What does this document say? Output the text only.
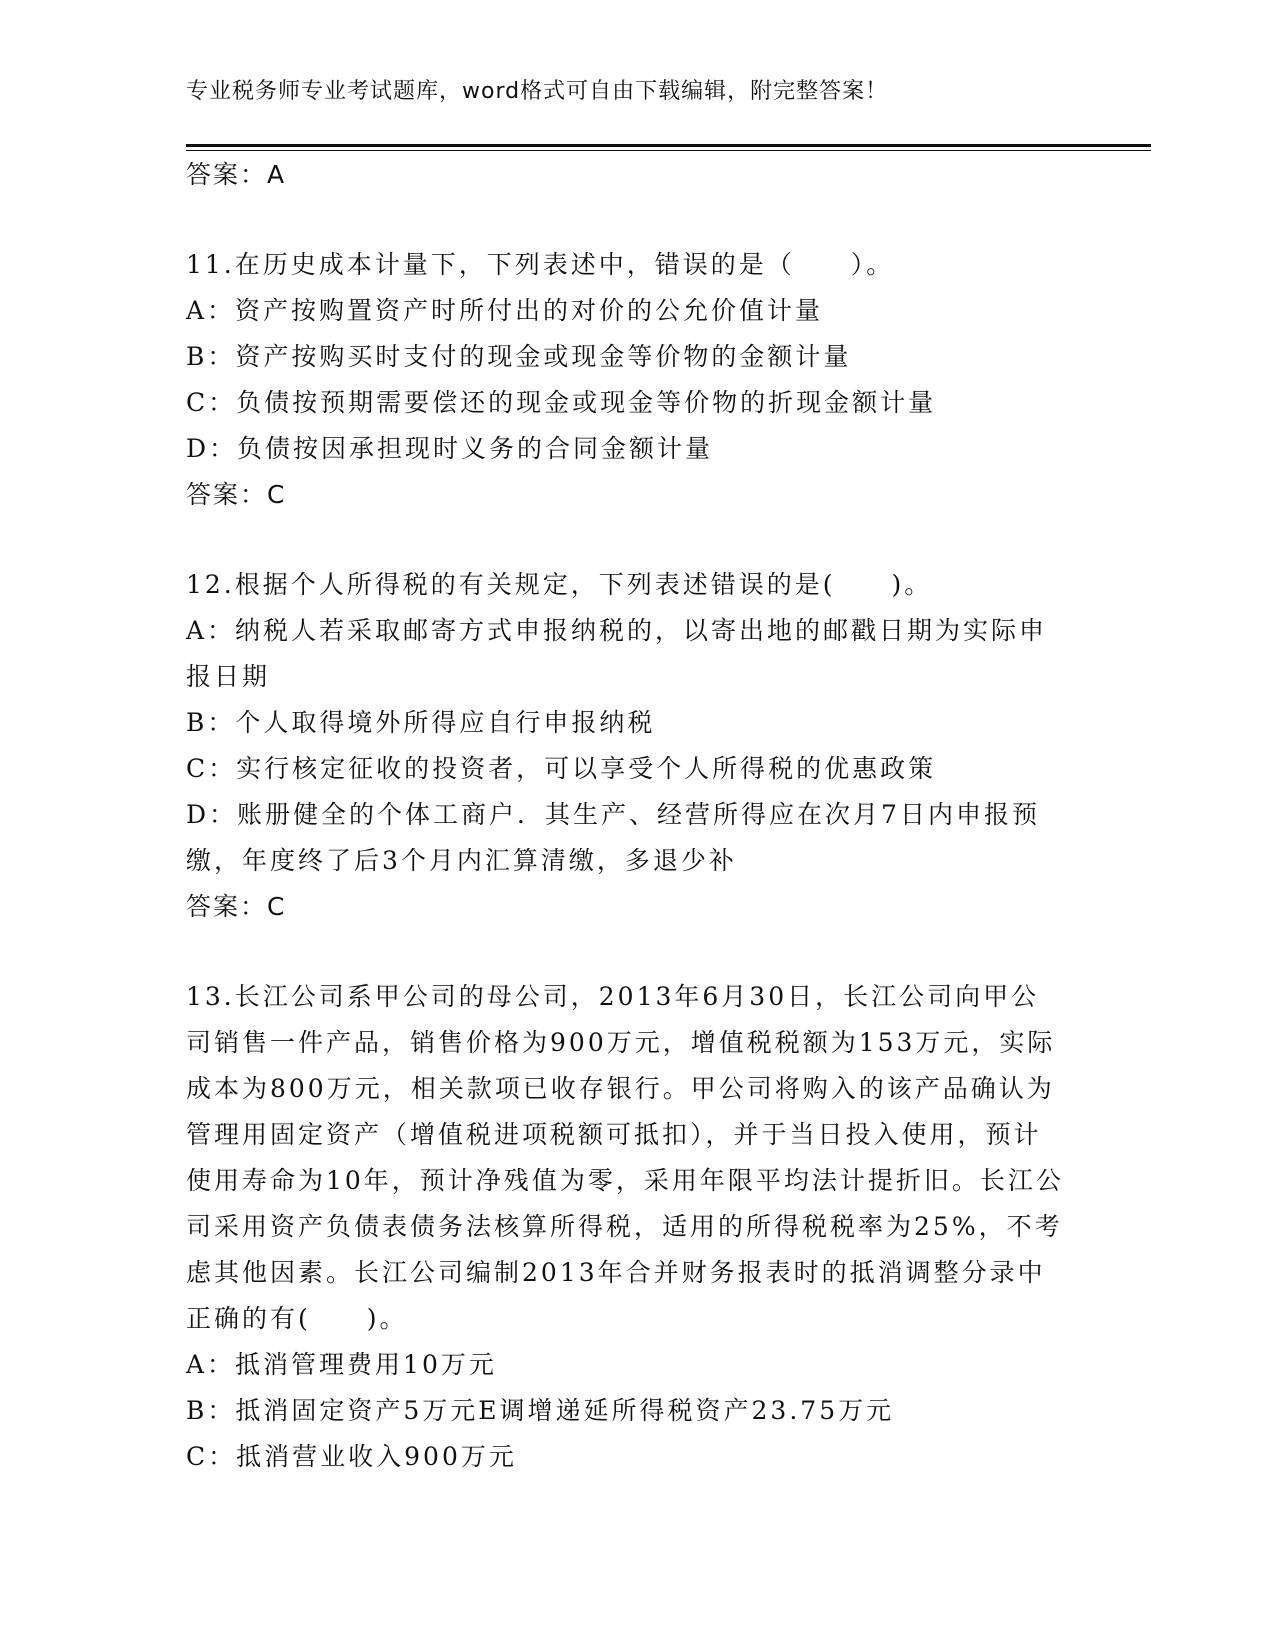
专业税务师专业考试题库，word格式可自由下载编辑，附完整答案！

答案：A

11.在历史成本计量下，下列表述中，错误的是（　　）。

A：资产按购置资产时所付出的对价的公允价值计量

B：资产按购买时支付的现金或现金等价物的金额计量

C：负债按预期需要偿还的现金或现金等价物的折现金额计量

D：负债按因承担现时义务的合同金额计量

答案：C

12.根据个人所得税的有关规定，下列表述错误的是(　　)。

A：纳税人若采取邮寄方式申报纳税的，以寄出地的邮戳日期为实际申报日期

B：个人取得境外所得应自行申报纳税

C：实行核定征收的投资者，可以享受个人所得税的优惠政策

D：账册健全的个体工商户．其生产、经营所得应在次月7日内申报预缴，年度终了后3个月内汇算清缴，多退少补

答案：C

13.长江公司系甲公司的母公司，2013年6月30日，长江公司向甲公司销售一件产品，销售价格为900万元，增值税税额为153万元，实际成本为800万元，相关款项已收存银行。甲公司将购入的该产品确认为管理用固定资产（增值税进项税额可抵扣），并于当日投入使用，预计使用寿命为10年，预计净残值为零，采用年限平均法计提折旧。长江公司采用资产负债表债务法核算所得税，适用的所得税税率为25%，不考虑其他因素。长江公司编制2013年合并财务报表时的抵消调整分录中正确的有(　　)。

A：抵消管理费用10万元

B：抵消固定资产5万元E调增递延所得税资产23.75万元

C：抵消营业收入900万元
